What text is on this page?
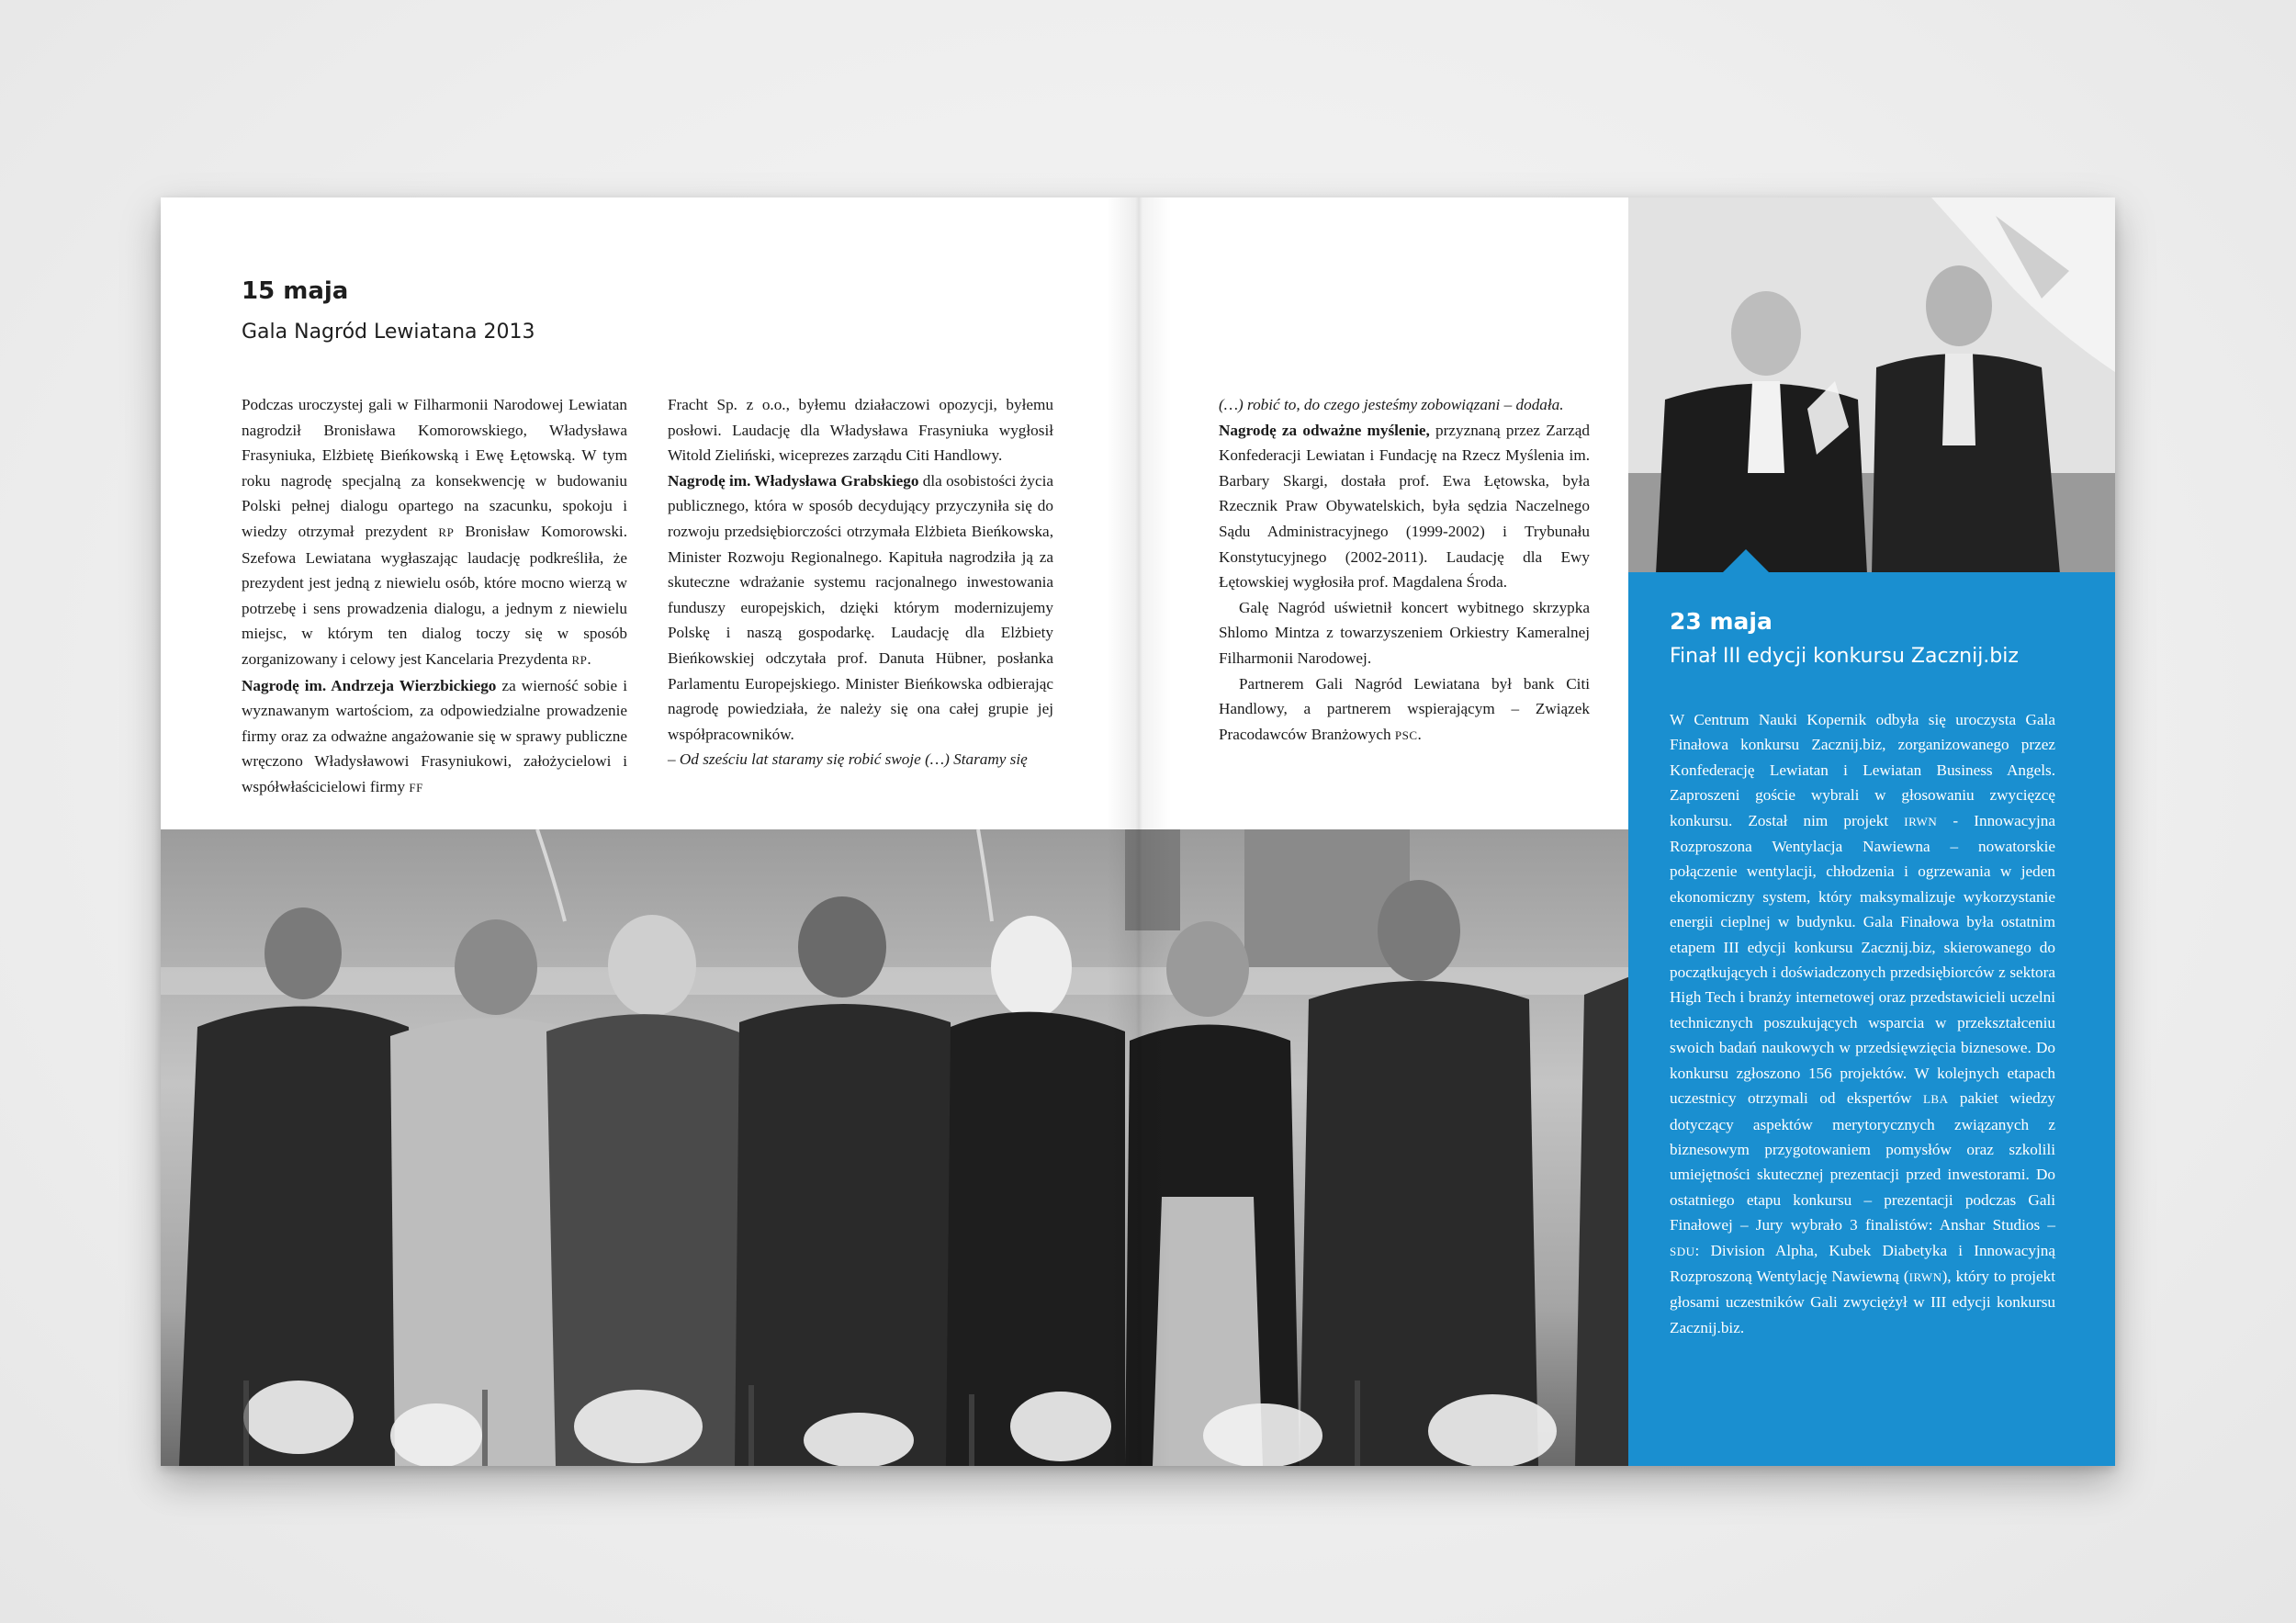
15 maja
Gala Nagród Lewiatana 2013

Podczas uroczystej gali w Filharmonii Narodowej Lewiatan nagrodził Bronisława Komorowskiego, Władysława Frasyniuka, Elżbietę Bieńkowską i Ewę Łętowską. W tym roku nagrodę specjalną za konsekwencję w budowaniu Polski pełnej dialogu opartego na szacunku, spokoju i wiedzy otrzymał prezydent RP Bronisław Komorowski. Szefowa Lewiatana wygłaszając laudację podkreśliła, że prezydent jest jedną z niewielu osób, które mocno wierzą w potrzebę i sens prowadzenia dialogu, a jednym z niewielu miejsc, w którym ten dialog toczy się w sposób zorganizowany i celowy jest Kancelaria Prezydenta RP.

Nagrodę im. Andrzeja Wierzbickiego za wierność sobie i wyznawanym wartościom, za odpowiedzialne prowadzenie firmy oraz za odważne angażowanie się w sprawy publiczne wręczono Władysławowi Frasyniukowi, założycielowi i współwłaścicielowi firmy FF

Fracht Sp. z o.o., byłemu działaczowi opozycji, byłemu posłowi. Laudację dla Władysława Frasyniuka wygłosił Witold Zieliński, wiceprezes zarządu Citi Handlowy.

Nagrodę im. Władysława Grabskiego dla osobistości życia publicznego, która w sposób decydujący przyczyniła się do rozwoju przedsiębiorczości otrzymała Elżbieta Bieńkowska, Minister Rozwoju Regionalnego. Kapituła nagrodziła ją za skuteczne wdrażanie systemu racjonalnego inwestowania funduszy europejskich, dzięki którym modernizujemy Polskę i naszą gospodarkę. Laudację dla Elżbiety Bieńkowskiej odczytała prof. Danuta Hübner, posłanka Parlamentu Europejskiego. Minister Bieńkowska odbierając nagrodę powiedziała, że należy się ona całej grupie jej współpracowników.

– Od sześciu lat staramy się robić swoje (…) Staramy się

(…) robić to, do czego jesteśmy zobowiązani – dodała.

Nagrodę za odważne myślenie, przyznaną przez Zarząd Konfederacji Lewiatan i Fundację na Rzecz Myślenia im. Barbary Skargi, dostała prof. Ewa Łętowska, była Rzecznik Praw Obywatelskich, była sędzia Naczelnego Sądu Administracyjnego (1999-2002) i Trybunału Konstytucyjnego (2002-2011). Laudację dla Ewy Łętowskiej wygłosiła prof. Magdalena Środa.

Galę Nagród uświetnił koncert wybitnego skrzypka Shlomo Mintza z towarzyszeniem Orkiestry Kameralnej Filharmonii Narodowej.

Partnerem Gali Nagród Lewiatana był bank Citi Handlowy, a partnerem wspierającym – Związek Pracodawców Branżowych PSC.

23 maja
Finał III edycji konkursu Zacznij.biz
W Centrum Nauki Kopernik odbyła się uroczysta Gala Finałowa konkursu Zacznij.biz, zorganizowanego przez Konfederację Lewiatan i Lewiatan Business Angels. Zaproszeni goście wybrali w głosowaniu zwycięzcę konkursu. Został nim projekt IRWN - Innowacyjna Rozproszona Wentylacja Nawiewna – nowatorskie połączenie wentylacji, chłodzenia i ogrzewania w jeden ekonomiczny system, który maksymalizuje wykorzystanie energii cieplnej w budynku. Gala Finałowa była ostatnim etapem III edycji konkursu Zacznij.biz, skierowanego do początkujących i doświadczonych przedsiębiorców z sektora High Tech i branży internetowej oraz przedstawicieli uczelni technicznych poszukujących wsparcia w przekształceniu swoich badań naukowych w przedsięwzięcia biznesowe. Do konkursu zgłoszono 156 projektów. W kolejnych etapach uczestnicy otrzymali od ekspertów LBA pakiet wiedzy dotyczący aspektów merytorycznych związanych z biznesowym przygotowaniem pomysłów oraz szkolili umiejętności skutecznej prezentacji przed inwestorami. Do ostatniego etapu konkursu – prezentacji podczas Gali Finałowej – Jury wybrało 3 finalistów: Anshar Studios – SDU: Division Alpha, Kubek Diabetyka i Innowacyjną Rozproszoną Wentylację Nawiewną (IRWN), który to projekt głosami uczestników Gali zwyciężył w III edycji konkursu Zacznij.biz.
